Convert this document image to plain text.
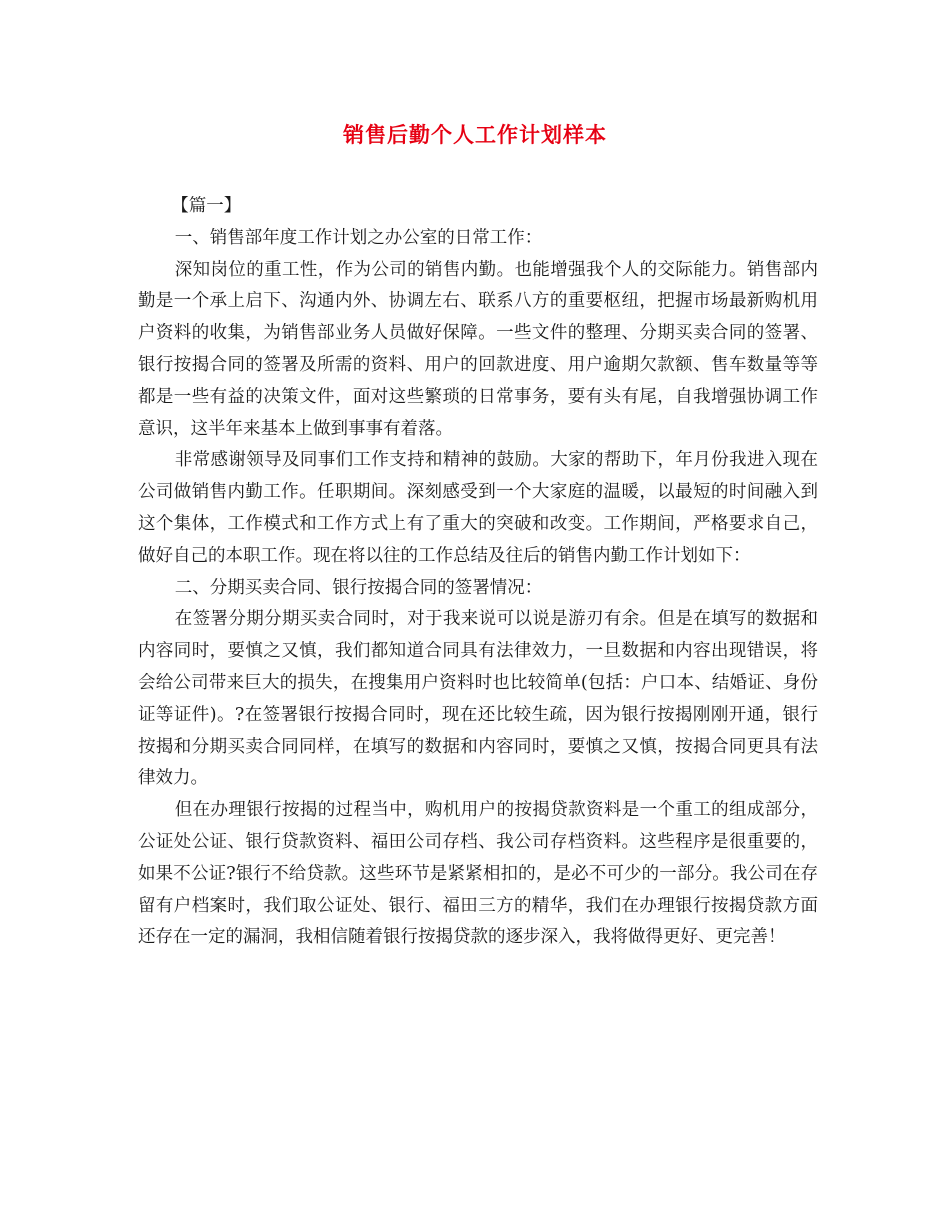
销售后勤个人工作计划样本

【篇一】

一、销售部年度工作计划之办公室的日常工作：

深知岗位的重工性，作为公司的销售内勤。也能增强我个人的交际能力。销售部内勤是一个承上启下、沟通内外、协调左右、联系八方的重要枢纽，把握市场最新购机用户资料的收集，为销售部业务人员做好保障。一些文件的整理、分期买卖合同的签署、银行按揭合同的签署及所需的资料、用户的回款进度、用户逾期欠款额、售车数量等等都是一些有益的决策文件，面对这些繁琐的日常事务，要有头有尾，自我增强协调工作意识，这半年来基本上做到事事有着落。

非常感谢领导及同事们工作支持和精神的鼓励。大家的帮助下，年月份我进入现在公司做销售内勤工作。任职期间。深刻感受到一个大家庭的温暖，以最短的时间融入到这个集体，工作模式和工作方式上有了重大的突破和改变。工作期间，严格要求自己，做好自己的本职工作。现在将以往的工作总结及往后的销售内勤工作计划如下：

二、分期买卖合同、银行按揭合同的签署情况：

在签署分期分期买卖合同时，对于我来说可以说是游刃有余。但是在填写的数据和内容同时，要慎之又慎，我们都知道合同具有法律效力，一旦数据和内容出现错误，将会给公司带来巨大的损失，在搜集用户资料时也比较简单(包括：户口本、结婚证、身份证等证件)。?在签署银行按揭合同时，现在还比较生疏，因为银行按揭刚刚开通，银行按揭和分期买卖合同同样，在填写的数据和内容同时，要慎之又慎，按揭合同更具有法律效力。

但在办理银行按揭的过程当中，购机用户的按揭贷款资料是一个重工的组成部分，公证处公证、银行贷款资料、福田公司存档、我公司存档资料。这些程序是很重要的，如果不公证?银行不给贷款。这些环节是紧紧相扣的，是必不可少的一部分。我公司在存留有户档案时，我们取公证处、银行、福田三方的精华，我们在办理银行按揭贷款方面还存在一定的漏洞，我相信随着银行按揭贷款的逐步深入，我将做得更好、更完善！
